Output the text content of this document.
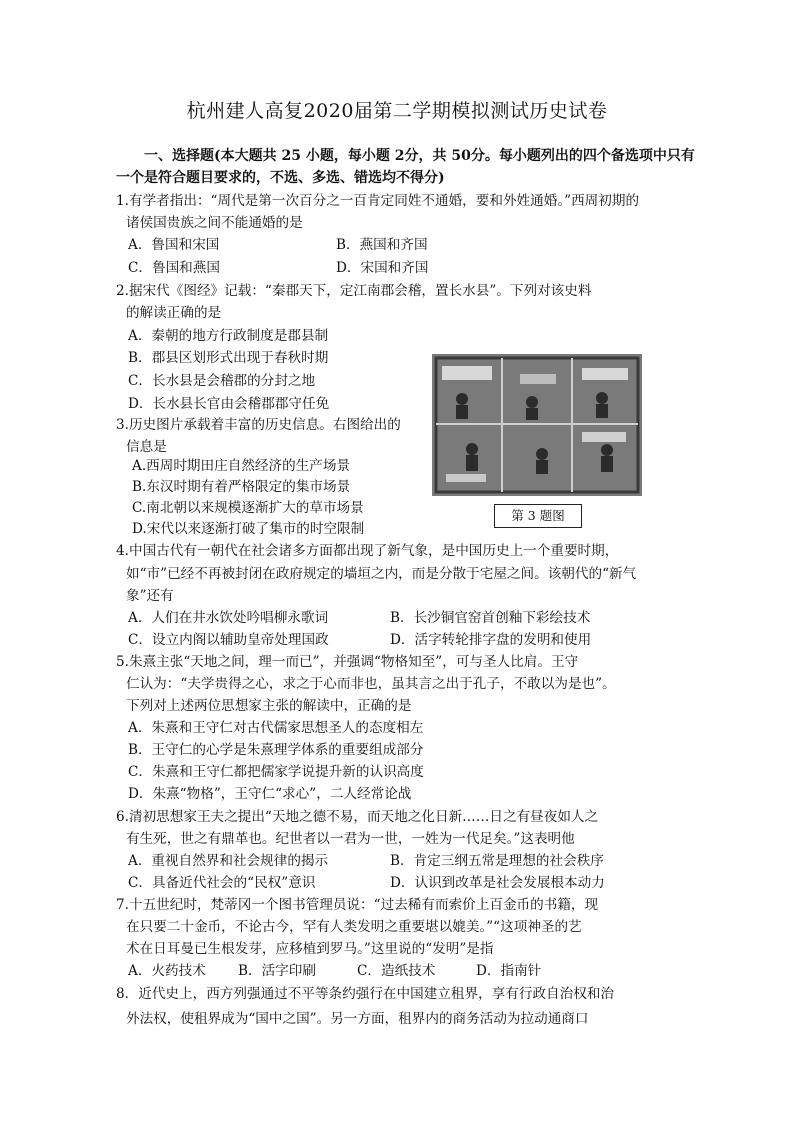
杭州建人高复2020届第二学期模拟测试历史试卷
一、选择题(本大题共 25 小题，每小题 2分，共 50分。每小题列出的四个备选项中只有
一个是符合题目要求的，不选、多选、错选均不得分)
1.有学者指出：“周代是第一次百分之一百肯定同姓不通婚，要和外姓通婚。”西周初期的
诸侯国贵族之间不能通婚的是
A．鲁国和宋国	B．燕国和齐国
C．鲁国和燕国	D．宋国和齐国
2.据宋代《图经》记载：“秦郡天下，定江南郡会稽，置长水县”。下列对该史料
的解读正确的是
A．秦朝的地方行政制度是郡县制
B．郡县区划形式出现于春秋时期
C．长水县是会稽郡的分封之地
D．长水县长官由会稽郡郡守任免
3.历史图片承载着丰富的历史信息。右图给出的
信息是
A.西周时期田庄自然经济的生产场景
B.东汉时期有着严格限定的集市场景
C.南北朝以来规模逐渐扩大的草市场景
D.宋代以来逐渐打破了集市的时空限制
第 3 题图
4.中国古代有一朝代在社会诸多方面都出现了新气象，是中国历史上一个重要时期，
如“市”已经不再被封闭在政府规定的墙垣之内，而是分散于宅屋之间。该朝代的“新气
象”还有
A．人们在井水饮处吟唱柳永歌词	B．长沙铜官窑首创釉下彩绘技术
C．设立内阁以辅助皇帝处理国政	D．活字转轮排字盘的发明和使用
5.朱熹主张“天地之间，理一而已”，并强调“物格知至”，可与圣人比肩。王守
仁认为：“夫学贵得之心，求之于心而非也，虽其言之出于孔子，不敢以为是也”。
下列对上述两位思想家主张的解读中，正确的是
A．朱熹和王守仁对古代儒家思想圣人的态度相左
B．王守仁的心学是朱熹理学体系的重要组成部分
C．朱熹和王守仁都把儒家学说提升新的认识高度
D．朱熹“物格”，王守仁“求心”，二人经常论战
6.清初思想家王夫之提出“天地之德不易，而天地之化日新……日之有昼夜如人之
有生死，世之有鼎革也。纪世者以一君为一世，一姓为一代足矣。”这表明他
A．重视自然界和社会规律的揭示	B．肯定三纲五常是理想的社会秩序
C．具备近代社会的“民权”意识	D．认识到改革是社会发展根本动力
7.十五世纪时，梵蒂冈一个图书管理员说：“过去稀有而索价上百金币的书籍，现
在只要二十金币，不论古今，罕有人类发明之重要堪以媲美。”“这项神圣的艺
术在日耳曼已生根发芽，应移植到罗马。”这里说的“发明”是指
A．火药技术 B．活字印刷	C．造纸技术	D．指南针
8．近代史上，西方列强通过不平等条约强行在中国建立租界，享有行政自治权和治
外法权，使租界成为“国中之国”。另一方面，租界内的商务活动为拉动通商口
